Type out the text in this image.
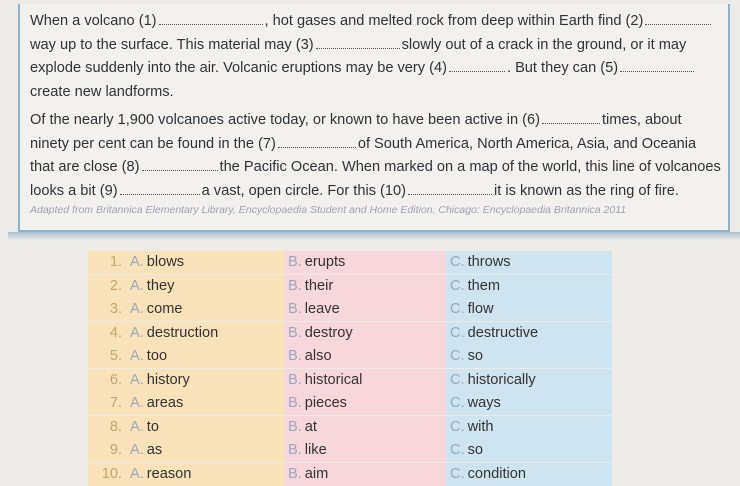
When a volcano (1)	, hot gases and melted rock from deep within Earth find (2)
way up to the surface. This material may (3)	slowly out of a crack in the ground, or it may
explode suddenly into the air. Volcanic eruptions may be very (4)	. But they can (5)
create new landforms.
Of the nearly 1,900 volcanoes active today, or known to have been active in (6)	times, about
ninety per cent can be found in the (7)	of South America, North America, Asia, and Oceania
that are close (8)	the Pacific Ocean. When marked on a map of the world, this line of volcanoes
looks a bit (9)	a vast, open circle. For this (10)	it is known as the ring of fire.
Adapted from Britannica Elementary Library, Encyclopaedia Student and Home Edition. Chicago: Encyclopaedia Britannica 2011
1. A. blows	B. erupts	C. throws
2. A. they	B. their	C. them
3. A. come	B. leave	C. flow
4. A. destruction	B. destroy	C. destructive
5. A. too	B. also	C. so
6. A. history	B. historical	C. historically
7. A. areas	B. pieces	C. ways
8. A. to	B. at	C. with
9. A. as	B. like	C. so
10. A. reason	B. aim	C. condition
